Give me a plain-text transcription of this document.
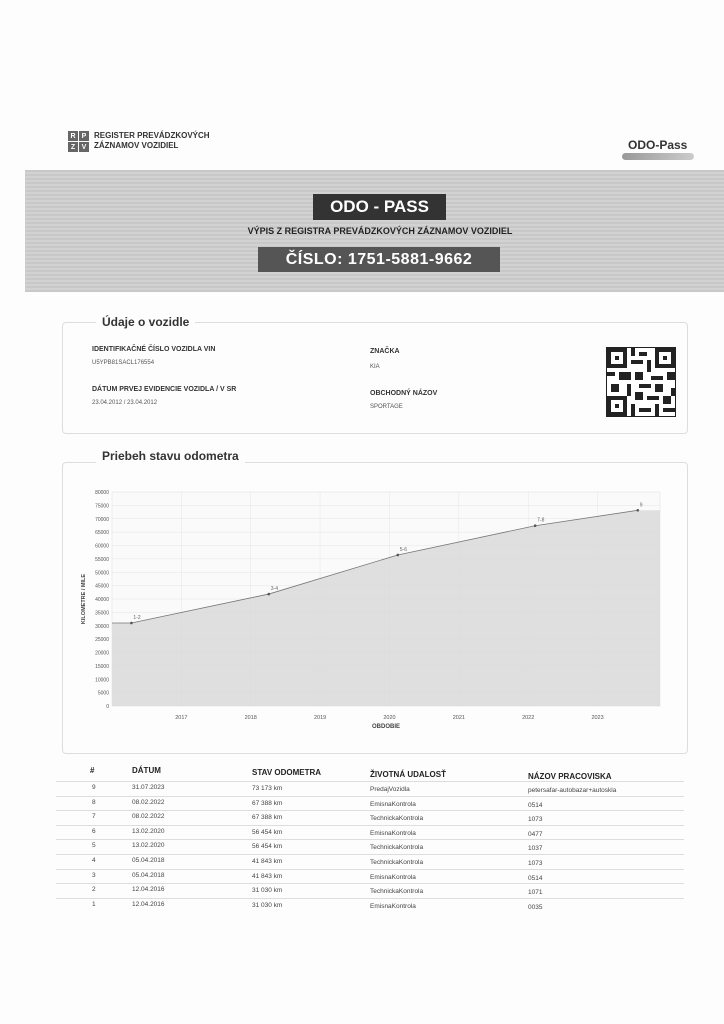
R P
Z V
REGISTER PREVÁDZKOVÝCH
ZÁZNAMOV VOZIDIEL	ODO-Pass
ODO - PASS
VÝPIS Z REGISTRA PREVÁDZKOVÝCH ZÁZNAMOV VOZIDIEL
ČÍSLO: 1751-5881-9662
Údaje o vozidle
IDENTIFIKAČNÉ ČÍSLO VOZIDLA VIN
U5YPB81SACL176554
DÁTUM PRVEJ EVIDENCIE VOZIDLA / V SR
23.04.2012 / 23.04.2012
ZNAČKA
KIA
OBCHODNÝ NÁZOV
SPORTAGE
Priebeh stavu odometra
0
5000
10000
15000
20000
25000
30000
35000
40000
45000
50000
55000
60000
65000
70000
75000
80000
2017	2018	2019	2020	2021	2022	2023
1-2
3-4
5-6
7-8
9
OBDOBIE
KILOMETRE / MILE
#	DÁTUM	STAV ODOMETRA	ŽIVOTNÁ UDALOSŤ	NÁZOV PRACOVISKA
9	31.07.2023	73 173 km	PredajVozidla	petersafar-autobazar+autoskla
8	08.02.2022	67 388 km	EmisnaKontrola	0514
7	08.02.2022	67 388 km	TechnickaKontrola	1073
6	13.02.2020	56 454 km	EmisnaKontrola	0477
5	13.02.2020	56 454 km	TechnickaKontrola	1037
4	05.04.2018	41 843 km	TechnickaKontrola	1073
3	05.04.2018	41 843 km	EmisnaKontrola	0514
2	12.04.2016	31 030 km	TechnickaKontrola	1071
1	12.04.2016	31 030 km	EmisnaKontrola	0035
